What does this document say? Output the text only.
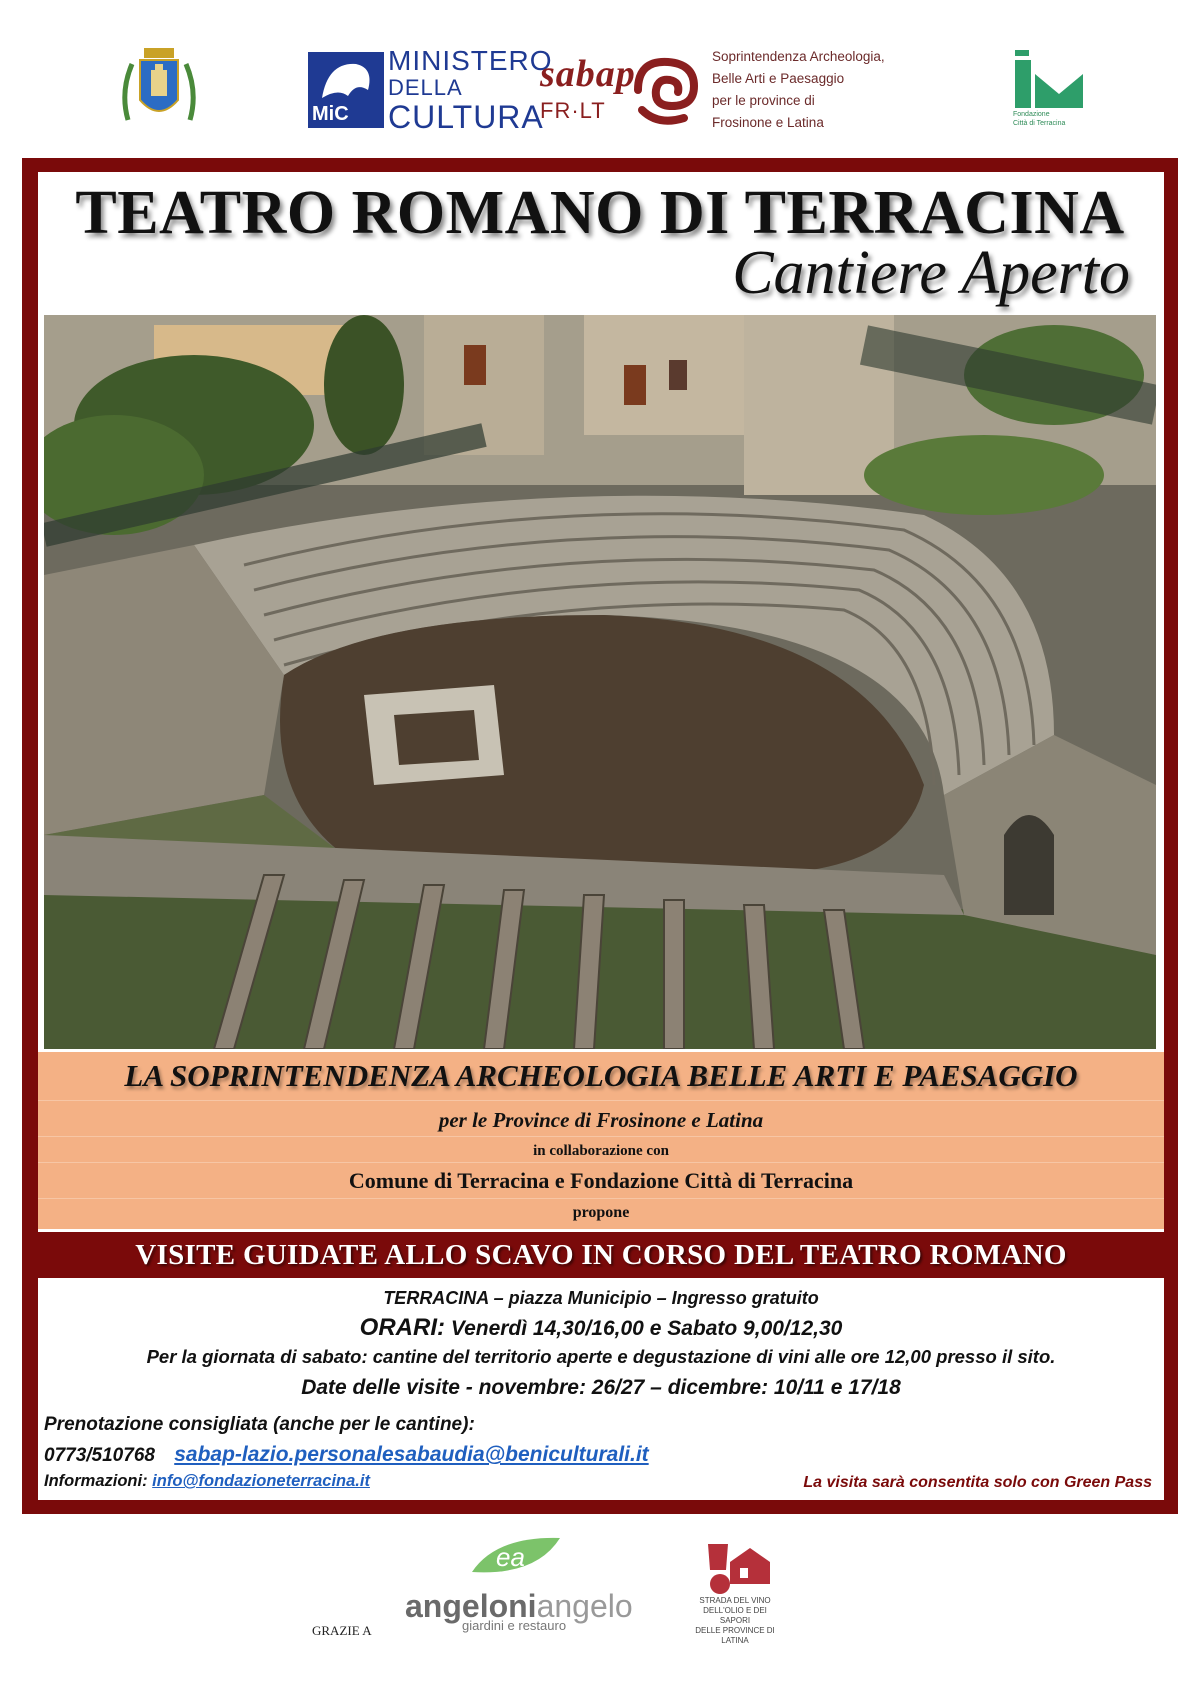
MiC
MINISTERO
DELLA
CULTURA
sabap
FR·LT
Soprintendenza Archeologia,
Belle Arti e Paesaggio
per le province di
Frosinone e Latina
Fondazione
Città di Terracina
TEATRO ROMANO DI TERRACINA
Cantiere Aperto
LA SOPRINTENDENZA ARCHEOLOGIA BELLE ARTI E PAESAGGIO
per le Province di Frosinone e Latina
in collaborazione con
Comune di Terracina e Fondazione Città di Terracina
propone
VISITE GUIDATE ALLO SCAVO IN CORSO DEL TEATRO ROMANO
TERRACINA – piazza Municipio – Ingresso gratuito
ORARI: Venerdì 14,30/16,00 e Sabato 9,00/12,30
Per la giornata di sabato: cantine del territorio aperte e degustazione di vini alle ore 12,00 presso il sito.
Date delle visite - novembre: 26/27 – dicembre: 10/11 e 17/18
Prenotazione consigliata (anche per le cantine):
0773/510768 sabap-lazio.personalesabaudia@beniculturali.it
Informazioni: info@fondazioneterracina.it	La visita sarà consentita solo con Green Pass
GRAZIE A
ea
angeloniangelo
giardini e restauro
STRADA DEL VINO
DELL'OLIO E DEI SAPORI
DELLE PROVINCE DI LATINA
